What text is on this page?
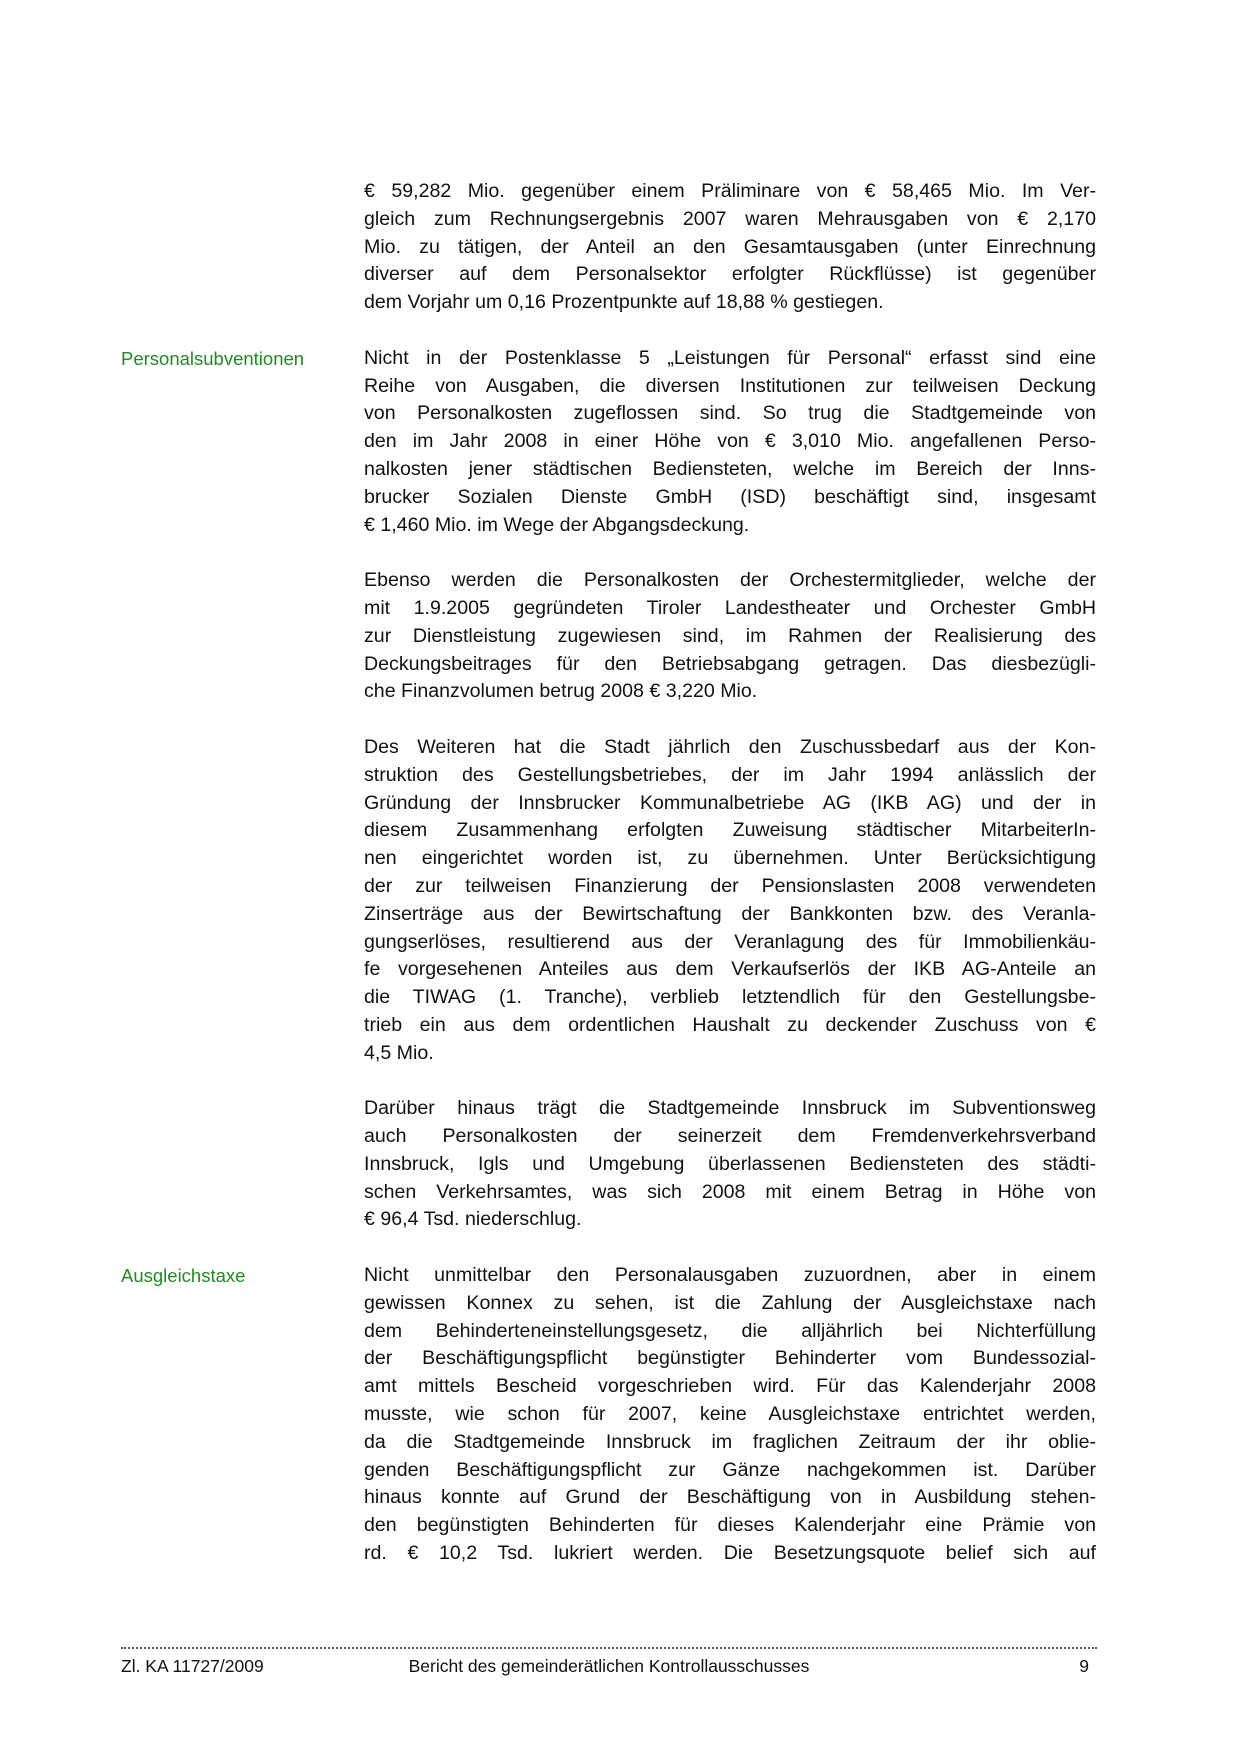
€ 59,282 Mio. gegenüber einem Präliminare von € 58,465 Mio. Im Ver-
gleich zum Rechnungsergebnis 2007 waren Mehrausgaben von € 2,170
Mio. zu tätigen, der Anteil an den Gesamtausgaben (unter Einrechnung
diverser auf dem Personalsektor erfolgter Rückflüsse) ist gegenüber
dem Vorjahr um 0,16 Prozentpunkte auf 18,88 % gestiegen.
Personalsubventionen	Nicht in der Postenklasse 5 „Leistungen für Personal“ erfasst sind eine
Reihe von Ausgaben, die diversen Institutionen zur teilweisen Deckung
von Personalkosten zugeflossen sind. So trug die Stadtgemeinde von
den im Jahr 2008 in einer Höhe von € 3,010 Mio. angefallenen Perso-
nalkosten jener städtischen Bediensteten, welche im Bereich der Inns-
brucker Sozialen Dienste GmbH (ISD) beschäftigt sind, insgesamt
€ 1,460 Mio. im Wege der Abgangsdeckung.
Ebenso werden die Personalkosten der Orchestermitglieder, welche der
mit 1.9.2005 gegründeten Tiroler Landestheater und Orchester GmbH
zur Dienstleistung zugewiesen sind, im Rahmen der Realisierung des
Deckungsbeitrages für den Betriebsabgang getragen. Das diesbezügli-
che Finanzvolumen betrug 2008 € 3,220 Mio.
Des Weiteren hat die Stadt jährlich den Zuschussbedarf aus der Kon-
struktion des Gestellungsbetriebes, der im Jahr 1994 anlässlich der
Gründung der Innsbrucker Kommunalbetriebe AG (IKB AG) und der in
diesem Zusammenhang erfolgten Zuweisung städtischer MitarbeiterIn-
nen eingerichtet worden ist, zu übernehmen. Unter Berücksichtigung
der zur teilweisen Finanzierung der Pensionslasten 2008 verwendeten
Zinserträge aus der Bewirtschaftung der Bankkonten bzw. des Veranla-
gungserlöses, resultierend aus der Veranlagung des für Immobilienkäu-
fe vorgesehenen Anteiles aus dem Verkaufserlös der IKB AG-Anteile an
die TIWAG (1. Tranche), verblieb letztendlich für den Gestellungsbe-
trieb ein aus dem ordentlichen Haushalt zu deckender Zuschuss von €
4,5 Mio.
Darüber hinaus trägt die Stadtgemeinde Innsbruck im Subventionsweg
auch Personalkosten der seinerzeit dem Fremdenverkehrsverband
Innsbruck, Igls und Umgebung überlassenen Bediensteten des städti-
schen Verkehrsamtes, was sich 2008 mit einem Betrag in Höhe von
€ 96,4 Tsd. niederschlug.
Ausgleichstaxe	Nicht unmittelbar den Personalausgaben zuzuordnen, aber in einem
gewissen Konnex zu sehen, ist die Zahlung der Ausgleichstaxe nach
dem Behinderteneinstellungsgesetz, die alljährlich bei Nichterfüllung
der Beschäftigungspflicht begünstigter Behinderter vom Bundessozial-
amt mittels Bescheid vorgeschrieben wird. Für das Kalenderjahr 2008
musste, wie schon für 2007, keine Ausgleichstaxe entrichtet werden,
da die Stadtgemeinde Innsbruck im fraglichen Zeitraum der ihr oblie-
genden Beschäftigungspflicht zur Gänze nachgekommen ist. Darüber
hinaus konnte auf Grund der Beschäftigung von in Ausbildung stehen-
den begünstigten Behinderten für dieses Kalenderjahr eine Prämie von
rd. € 10,2 Tsd. lukriert werden. Die Besetzungsquote belief sich auf
Zl. KA 11727/2009	Bericht des gemeinderätlichen Kontrollausschusses	9
